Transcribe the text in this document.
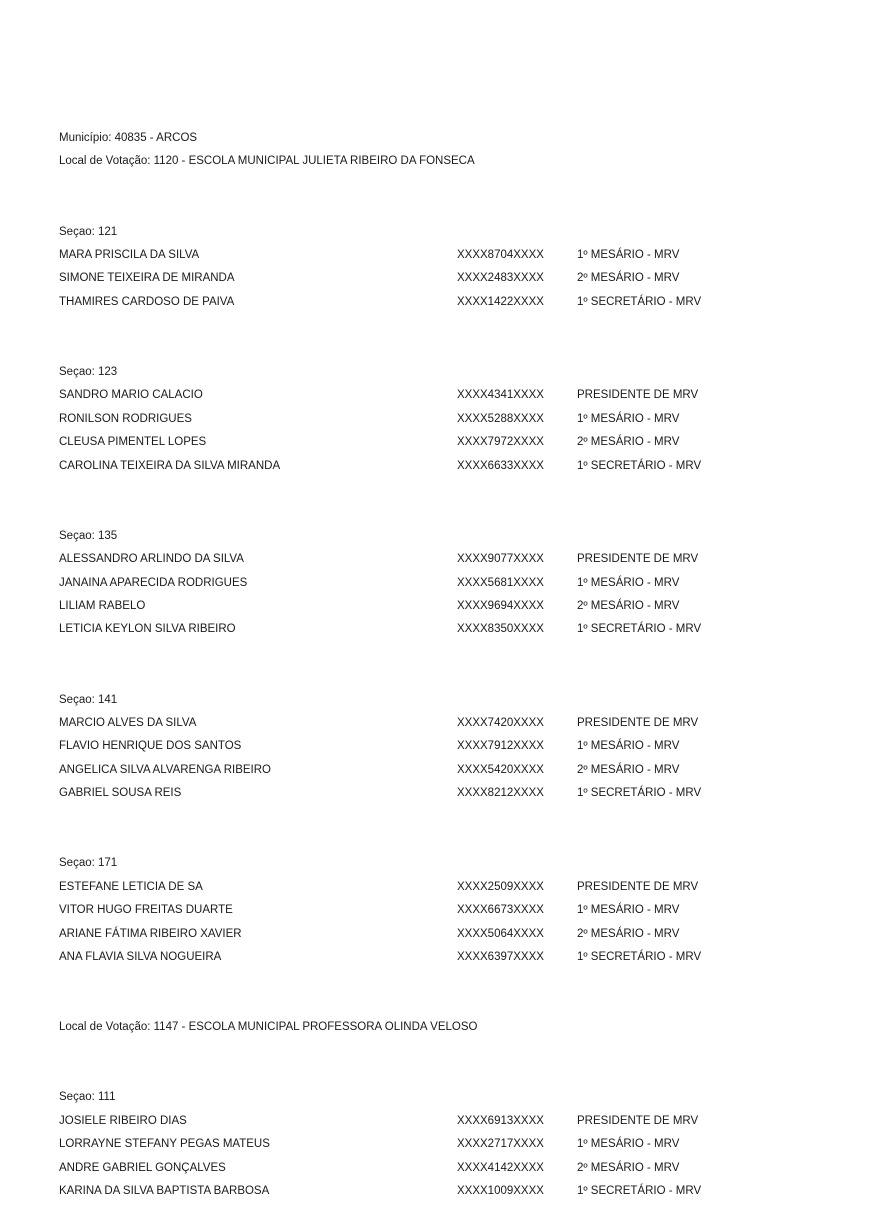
Município: 40835 - ARCOS
Local de Votação: 1120 - ESCOLA MUNICIPAL JULIETA RIBEIRO DA FONSECA
Seçao: 121
MARA PRISCILA DA SILVA	XXXX8704XXXX	1º MESÁRIO - MRV
SIMONE TEIXEIRA DE MIRANDA	XXXX2483XXXX	2º MESÁRIO - MRV
THAMIRES CARDOSO DE PAIVA	XXXX1422XXXX	1º SECRETÁRIO - MRV
Seçao: 123
SANDRO MARIO CALACIO	XXXX4341XXXX	PRESIDENTE DE MRV
RONILSON RODRIGUES	XXXX5288XXXX	1º MESÁRIO - MRV
CLEUSA PIMENTEL LOPES	XXXX7972XXXX	2º MESÁRIO - MRV
CAROLINA TEIXEIRA DA SILVA MIRANDA	XXXX6633XXXX	1º SECRETÁRIO - MRV
Seçao: 135
ALESSANDRO ARLINDO DA SILVA	XXXX9077XXXX	PRESIDENTE DE MRV
JANAINA APARECIDA RODRIGUES	XXXX5681XXXX	1º MESÁRIO - MRV
LILIAM RABELO	XXXX9694XXXX	2º MESÁRIO - MRV
LETICIA KEYLON SILVA RIBEIRO	XXXX8350XXXX	1º SECRETÁRIO - MRV
Seçao: 141
MARCIO ALVES DA SILVA	XXXX7420XXXX	PRESIDENTE DE MRV
FLAVIO HENRIQUE DOS SANTOS	XXXX7912XXXX	1º MESÁRIO - MRV
ANGELICA SILVA ALVARENGA RIBEIRO	XXXX5420XXXX	2º MESÁRIO - MRV
GABRIEL SOUSA REIS	XXXX8212XXXX	1º SECRETÁRIO - MRV
Seçao: 171
ESTEFANE LETICIA DE SA	XXXX2509XXXX	PRESIDENTE DE MRV
VITOR HUGO FREITAS DUARTE	XXXX6673XXXX	1º MESÁRIO - MRV
ARIANE FÁTIMA RIBEIRO XAVIER	XXXX5064XXXX	2º MESÁRIO - MRV
ANA FLAVIA SILVA NOGUEIRA	XXXX6397XXXX	1º SECRETÁRIO - MRV
Local de Votação: 1147 - ESCOLA MUNICIPAL PROFESSORA OLINDA VELOSO
Seçao: 111
JOSIELE RIBEIRO DIAS	XXXX6913XXXX	PRESIDENTE DE MRV
LORRAYNE STEFANY PEGAS MATEUS	XXXX2717XXXX	1º MESÁRIO - MRV
ANDRE GABRIEL GONÇALVES	XXXX4142XXXX	2º MESÁRIO - MRV
KARINA DA SILVA BAPTISTA BARBOSA	XXXX1009XXXX	1º SECRETÁRIO - MRV
